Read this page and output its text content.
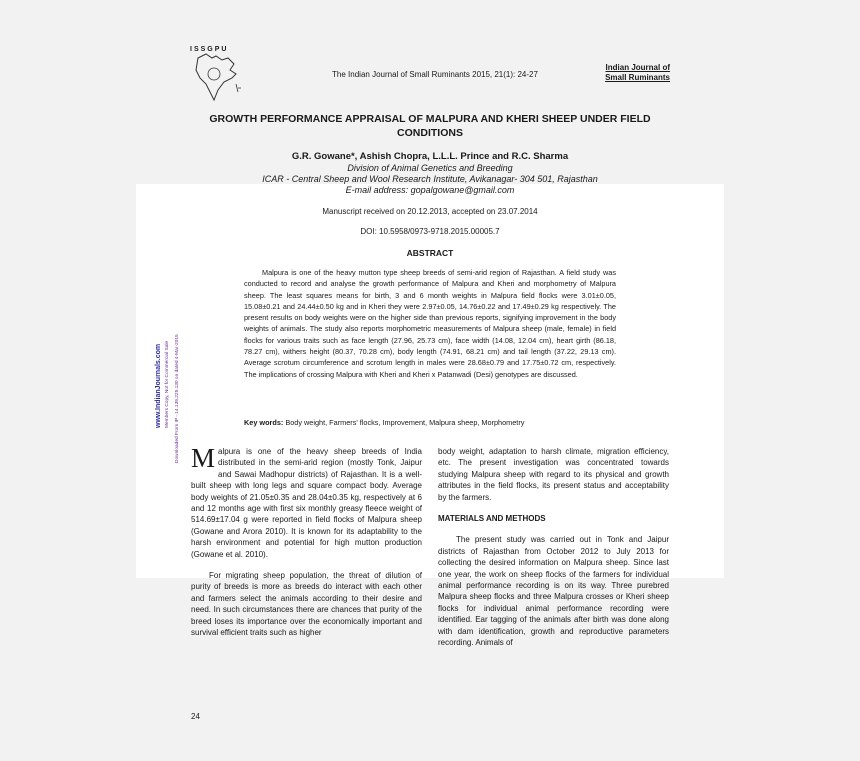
ISSGPU
The Indian Journal of Small Ruminants 2015, 21(1): 24-27
Indian Journal of
Small Ruminants
GROWTH PERFORMANCE APPRAISAL OF MALPURA AND KHERI SHEEP UNDER FIELD CONDITIONS
G.R. Gowane*, Ashish Chopra, L.L.L. Prince and R.C. Sharma
Division of Animal Genetics and Breeding
ICAR - Central Sheep and Wool Research Institute, Avikanagar- 304 501, Rajasthan
E-mail address: gopalgowane@gmail.com
Manuscript received on 20.12.2013, accepted on 23.07.2014
DOI: 10.5958/0973-9718.2015.00005.7
ABSTRACT
Malpura is one of the heavy mutton type sheep breeds of semi-arid region of Rajasthan. A field study was conducted to record and analyse the growth performance of Malpura and Kheri and morphometry of Malpura sheep. The least squares means for birth, 3 and 6 month weights in Malpura field flocks were 3.01±0.05, 15.08±0.21 and 24.44±0.50 kg and in Kheri they were 2.97±0.05, 14.76±0.22 and 17.49±0.29 kg respectively. The present results on body weights were on the higher side than previous reports, signifying improvement in the body weights of animals. The study also reports morphometric measurements of Malpura sheep (male, female) in field flocks for various traits such as face length (27.96, 25.73 cm), face width (14.08, 12.04 cm), heart girth (86.18, 78.27 cm), withers height (80.37, 70.28 cm), body length (74.91, 68.21 cm) and tail length (37.22, 29.13 cm). Average scrotum circumference and scrotum length in males were 28.68±0.79 and 17.75±0.72 cm, respectively. The implications of crossing Malpura with Kheri and Kheri x Patanwadi (Desi) genotypes are discussed.
Key words: Body weight, Farmers' flocks, Improvement, Malpura sheep, Morphometry

Malpura is one of the heavy sheep breeds of India distributed in the semi-arid region (mostly Tonk, Jaipur and Sawai Madhopur districts) of Rajasthan. It is a well-built sheep with long legs and square compact body. Average body weights of 21.05±0.35 and 28.04±0.35 kg, respectively at 6 and 12 months age with first six monthly greasy fleece weight of 514.69±17.04 g were reported in field flocks of Malpura sheep (Gowane and Arora 2010). It is known for its adaptability to the harsh environment and potential for high mutton production (Gowane et al. 2010).

For migrating sheep population, the threat of dilution of purity of breeds is more as breeds do interact with each other and farmers select the animals according to their desire and need. In such circumstances there are chances that purity of the breed loses its importance over the economically important and survival efficient traits such as higher

body weight, adaptation to harsh climate, migration efficiency, etc. The present investigation was concentrated towards studying Malpura sheep with regard to its physical and growth attributes in the field flocks, its present status and acceptability by the farmers.

MATERIALS AND METHODS

The present study was carried out in Tonk and Jaipur districts of Rajasthan from October 2012 to July 2013 for collecting the desired information on Malpura sheep. Since last one year, the work on sheep flocks of the farmers for individual animal performance recording is on its way. Three purebred Malpura sheep flocks and three Malpura crosses or Kheri sheep flocks for individual animal performance recording were identified. Ear tagging of the animals after birth was done along with dam identification, growth and reproductive parameters recording. Animals of

24
www.IndianJournals.com Members Copy, Not for Commercial Sale Downloaded From IP - 14.139.225.130 on dated 4-Mar-2015
